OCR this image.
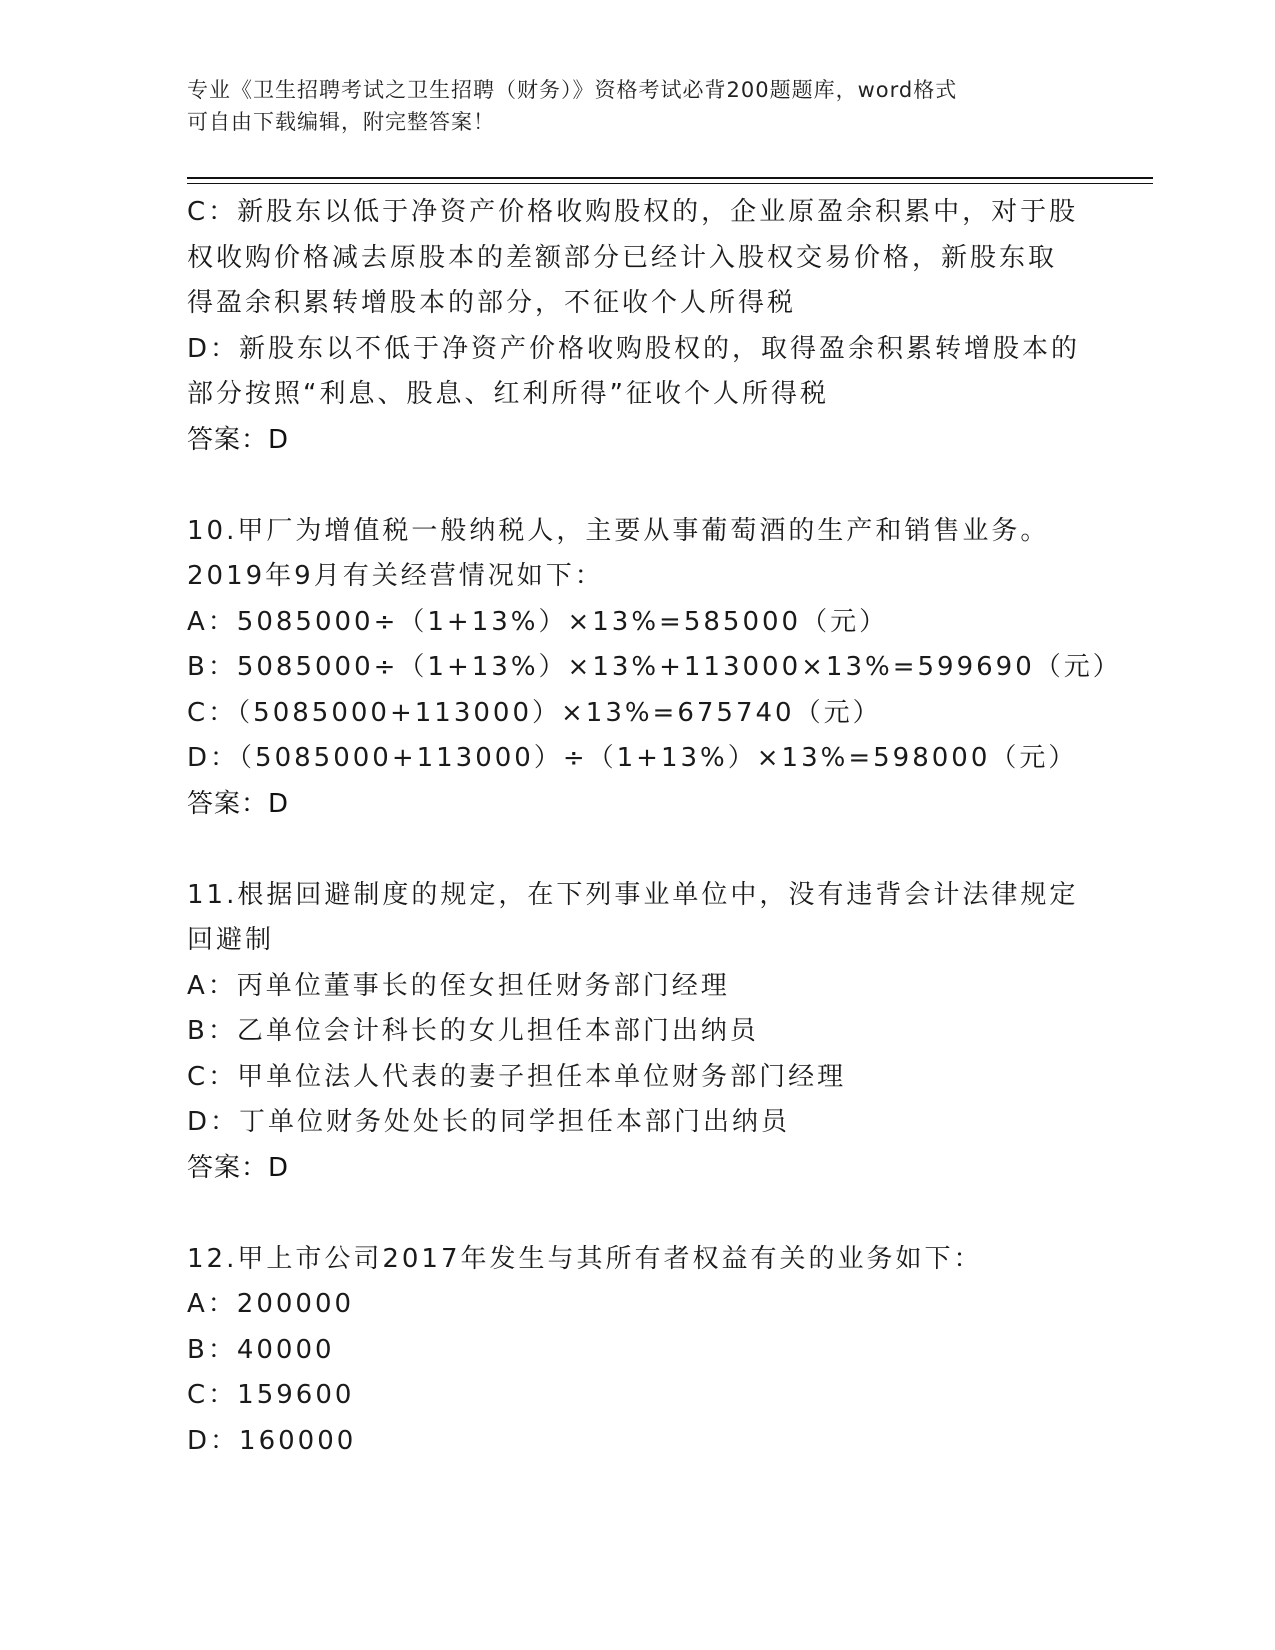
专业《卫生招聘考试之卫生招聘（财务）》资格考试必背200题题库，word格式
可自由下载编辑，附完整答案！
C：新股东以低于净资产价格收购股权的，企业原盈余积累中，对于股
权收购价格减去原股本的差额部分已经计入股权交易价格，新股东取
得盈余积累转增股本的部分，不征收个人所得税
D：新股东以不低于净资产价格收购股权的，取得盈余积累转增股本的
部分按照“利息、股息、红利所得”征收个人所得税
答案：D
10.甲厂为增值税一般纳税人，主要从事葡萄酒的生产和销售业务。
2019年9月有关经营情况如下：
A：5085000÷（1+13%）×13%=585000（元）
B：5085000÷（1+13%）×13%+113000×13%=599690（元）
C：（5085000+113000）×13%=675740（元）
D：（5085000+113000）÷（1+13%）×13%=598000（元）
答案：D
11.根据回避制度的规定，在下列事业单位中，没有违背会计法律规定
回避制
A：丙单位董事长的侄女担任财务部门经理
B：乙单位会计科长的女儿担任本部门出纳员
C：甲单位法人代表的妻子担任本单位财务部门经理
D：丁单位财务处处长的同学担任本部门出纳员
答案：D
12.甲上市公司2017年发生与其所有者权益有关的业务如下：
A：200000
B：40000
C：159600
D：160000
